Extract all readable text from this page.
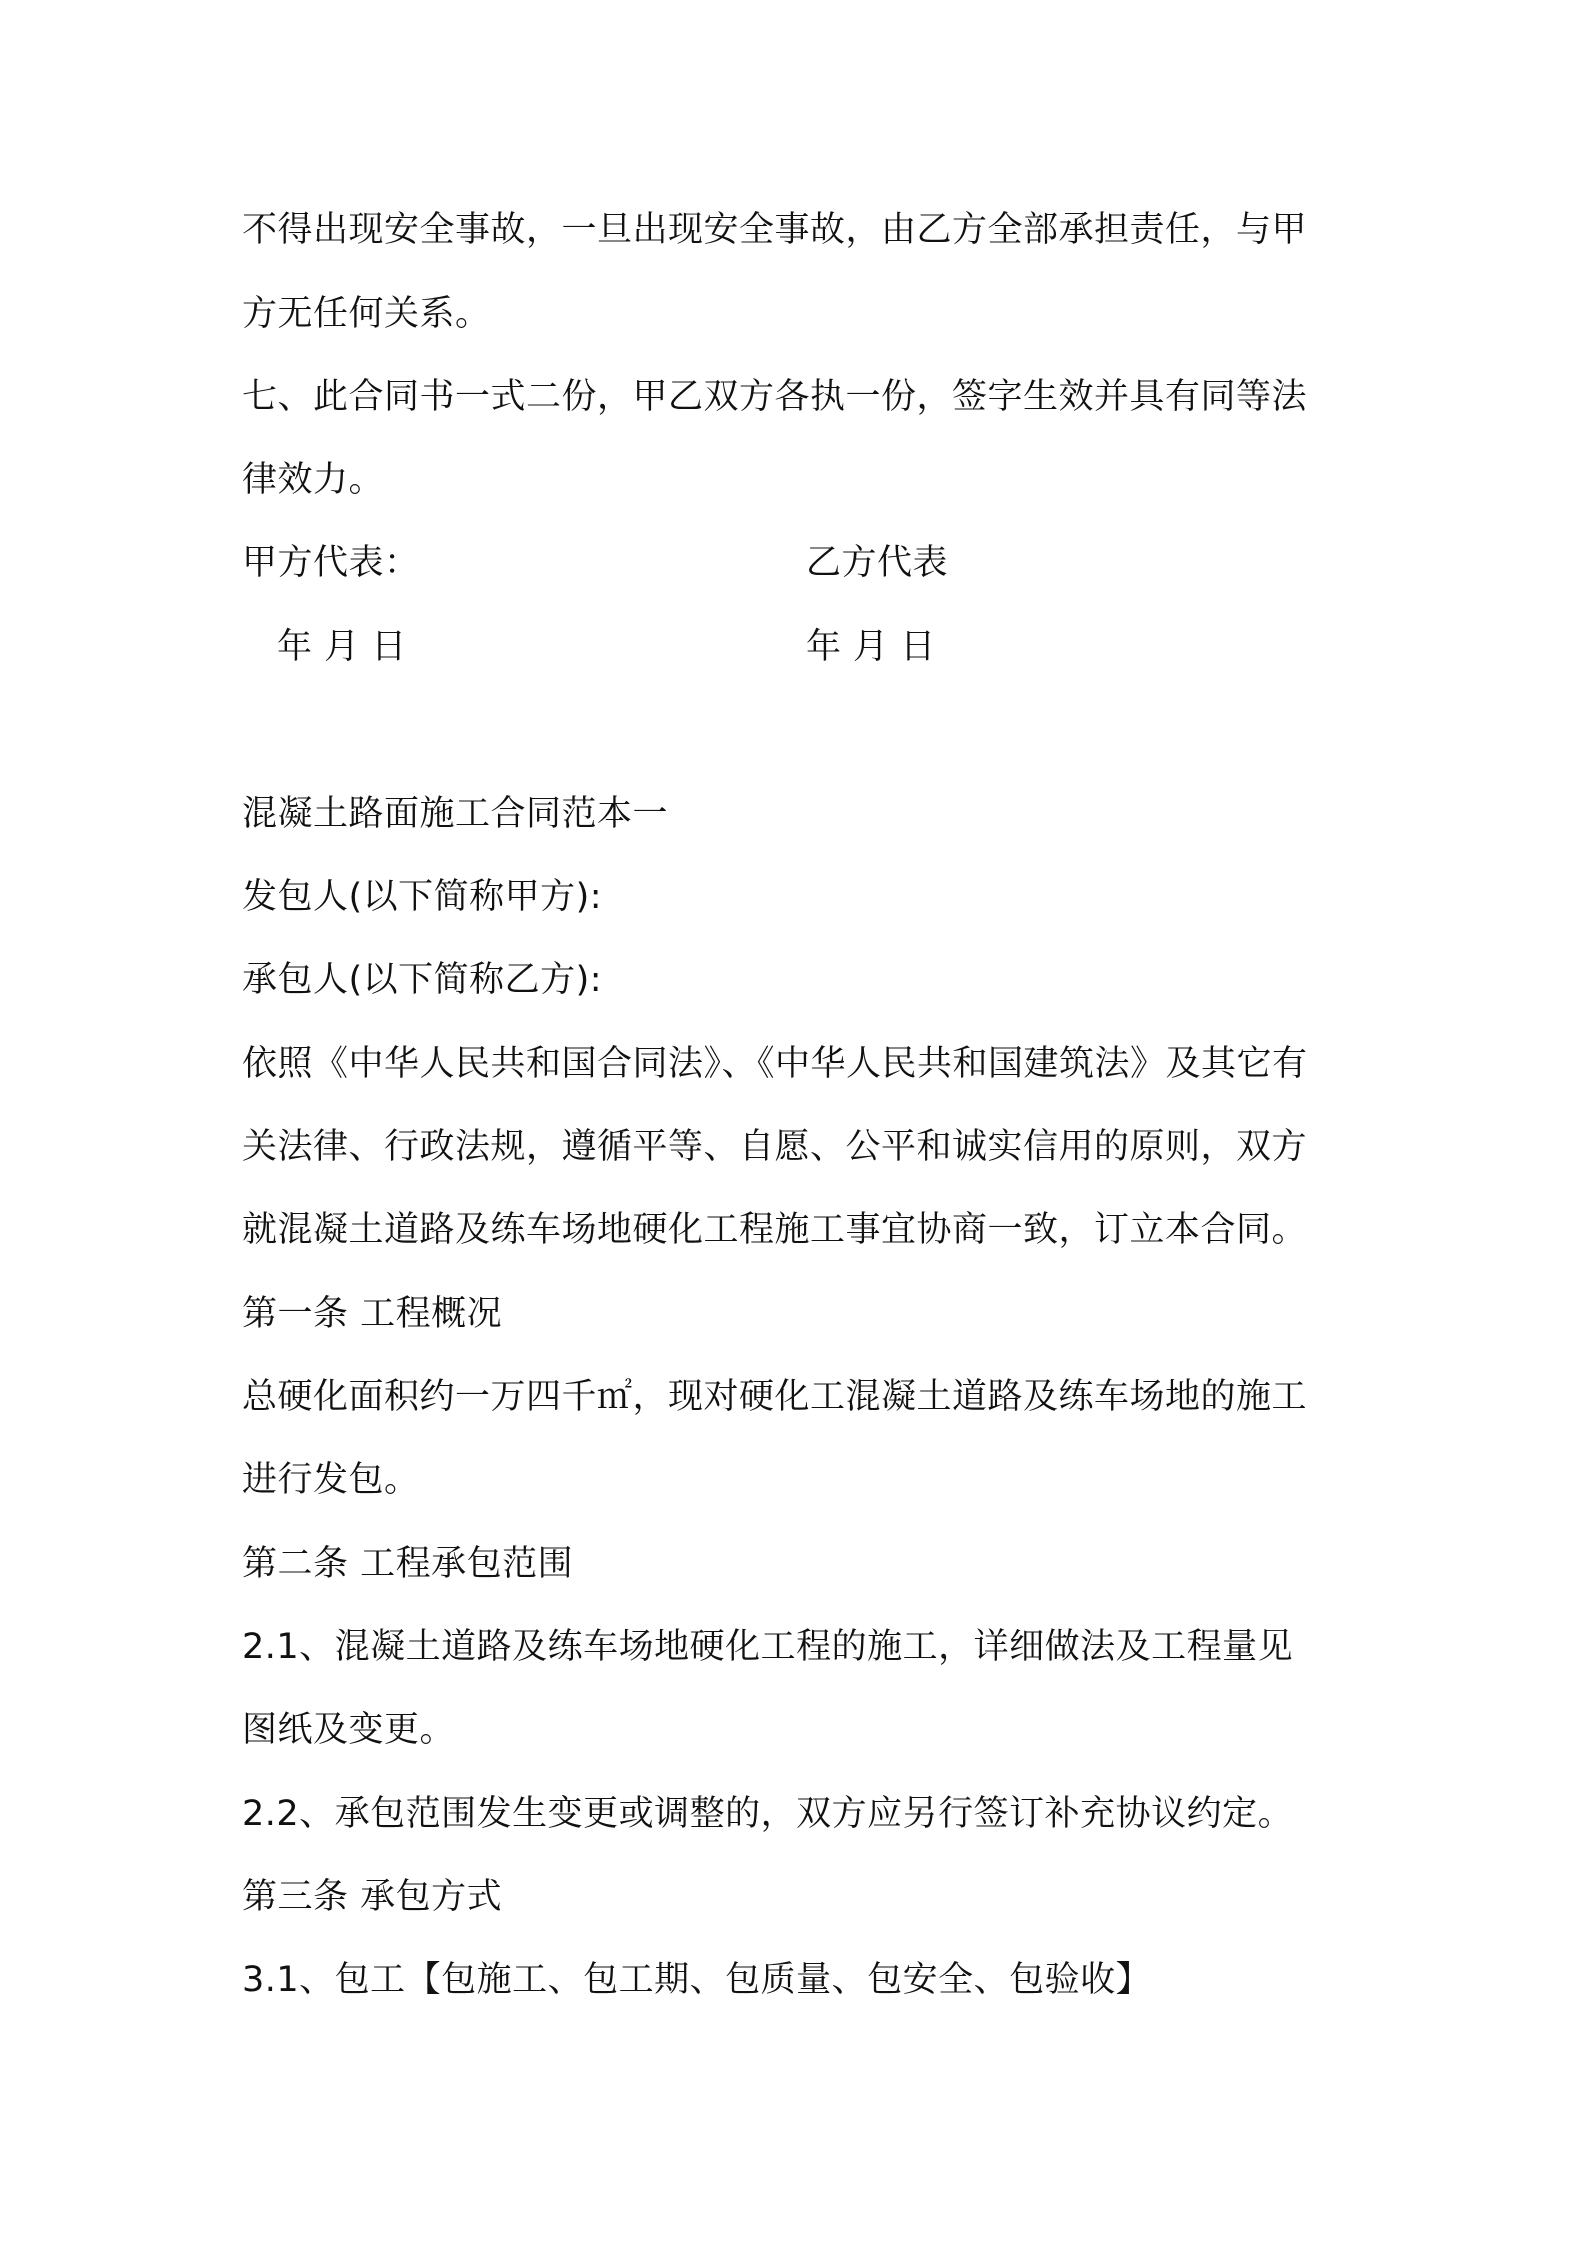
不得出现安全事故，一旦出现安全事故，由乙方全部承担责任，与甲
方无任何关系。
七、此合同书一式二份，甲乙双方各执一份，签字生效并具有同等法
律效力。
甲方代表：	乙方代表
年 月 日	年 月 日
混凝土路面施工合同范本一
发包人(以下简称甲方):
承包人(以下简称乙方):
依照《中华人民共和国合同法》、《中华人民共和国建筑法》及其它有
关法律、行政法规，遵循平等、自愿、公平和诚实信用的原则，双方
就混凝土道路及练车场地硬化工程施工事宜协商一致，订立本合同。
第一条 工程概况
总硬化面积约一万四千㎡，现对硬化工混凝土道路及练车场地的施工
进行发包。
第二条 工程承包范围
2.1、混凝土道路及练车场地硬化工程的施工，详细做法及工程量见
图纸及变更。
2.2、承包范围发生变更或调整的，双方应另行签订补充协议约定。
第三条 承包方式
3.1、包工【包施工、包工期、包质量、包安全、包验收】
